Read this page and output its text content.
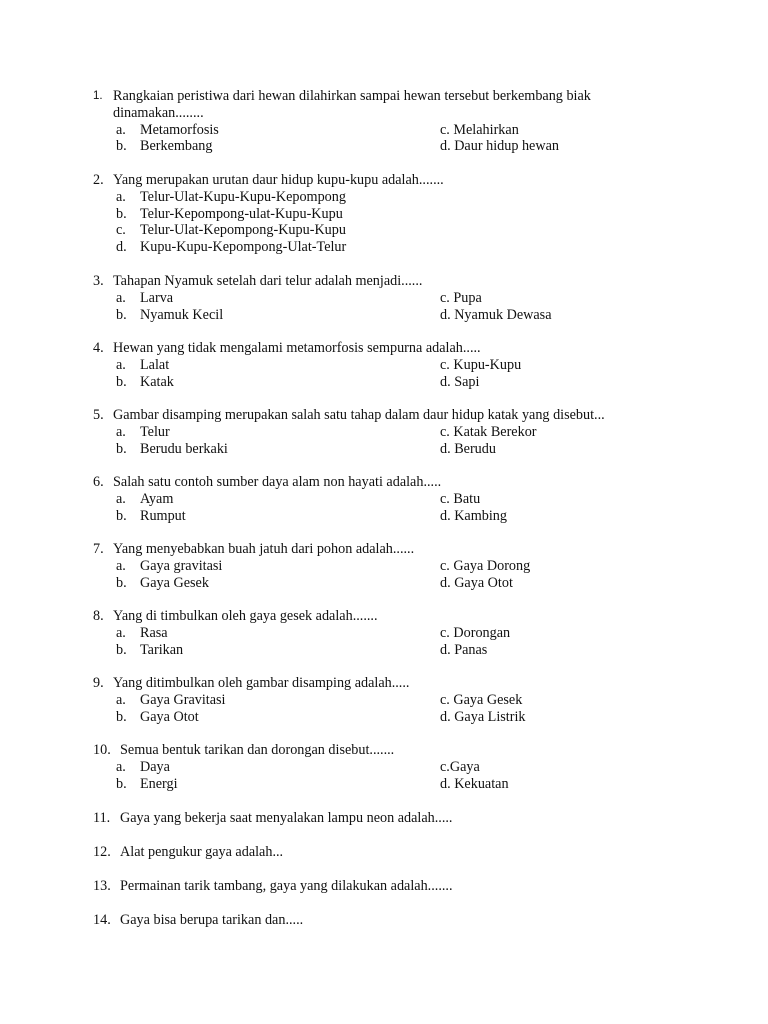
1. Rangkaian peristiwa dari hewan dilahirkan sampai hewan tersebut berkembang biak
dinamakan........
a. Metamorfosis	c. Melahirkan
b. Berkembang	d. Daur hidup hewan
2. Yang merupakan urutan daur hidup kupu-kupu adalah.......
a. Telur-Ulat-Kupu-Kupu-Kepompong
b. Telur-Kepompong-ulat-Kupu-Kupu
c. Telur-Ulat-Kepompong-Kupu-Kupu
d. Kupu-Kupu-Kepompong-Ulat-Telur
3. Tahapan Nyamuk setelah dari telur adalah menjadi......
a. Larva	c. Pupa
b. Nyamuk Kecil	d. Nyamuk Dewasa
4. Hewan yang tidak mengalami metamorfosis sempurna adalah.....
a. Lalat	c. Kupu-Kupu
b. Katak	d. Sapi
5. Gambar disamping merupakan salah satu tahap dalam daur hidup katak yang disebut...
a. Telur	c. Katak Berekor
b. Berudu berkaki	d. Berudu
6. Salah satu contoh sumber daya alam non hayati adalah.....
a. Ayam	c. Batu
b. Rumput	d. Kambing
7. Yang menyebabkan buah jatuh dari pohon adalah......
a. Gaya gravitasi	c. Gaya Dorong
b. Gaya Gesek	d. Gaya Otot
8. Yang di timbulkan oleh gaya gesek adalah.......
a. Rasa	c. Dorongan
b. Tarikan	d. Panas
9. Yang ditimbulkan oleh gambar disamping adalah.....
a. Gaya Gravitasi	c. Gaya Gesek
b. Gaya Otot	d. Gaya Listrik
10. Semua bentuk tarikan dan dorongan disebut.......
a. Daya	c.Gaya
b. Energi	d. Kekuatan
11. Gaya yang bekerja saat menyalakan lampu neon adalah.....
12. Alat pengukur gaya adalah...
13. Permainan tarik tambang, gaya yang dilakukan adalah.......
14. Gaya bisa berupa tarikan dan.....
